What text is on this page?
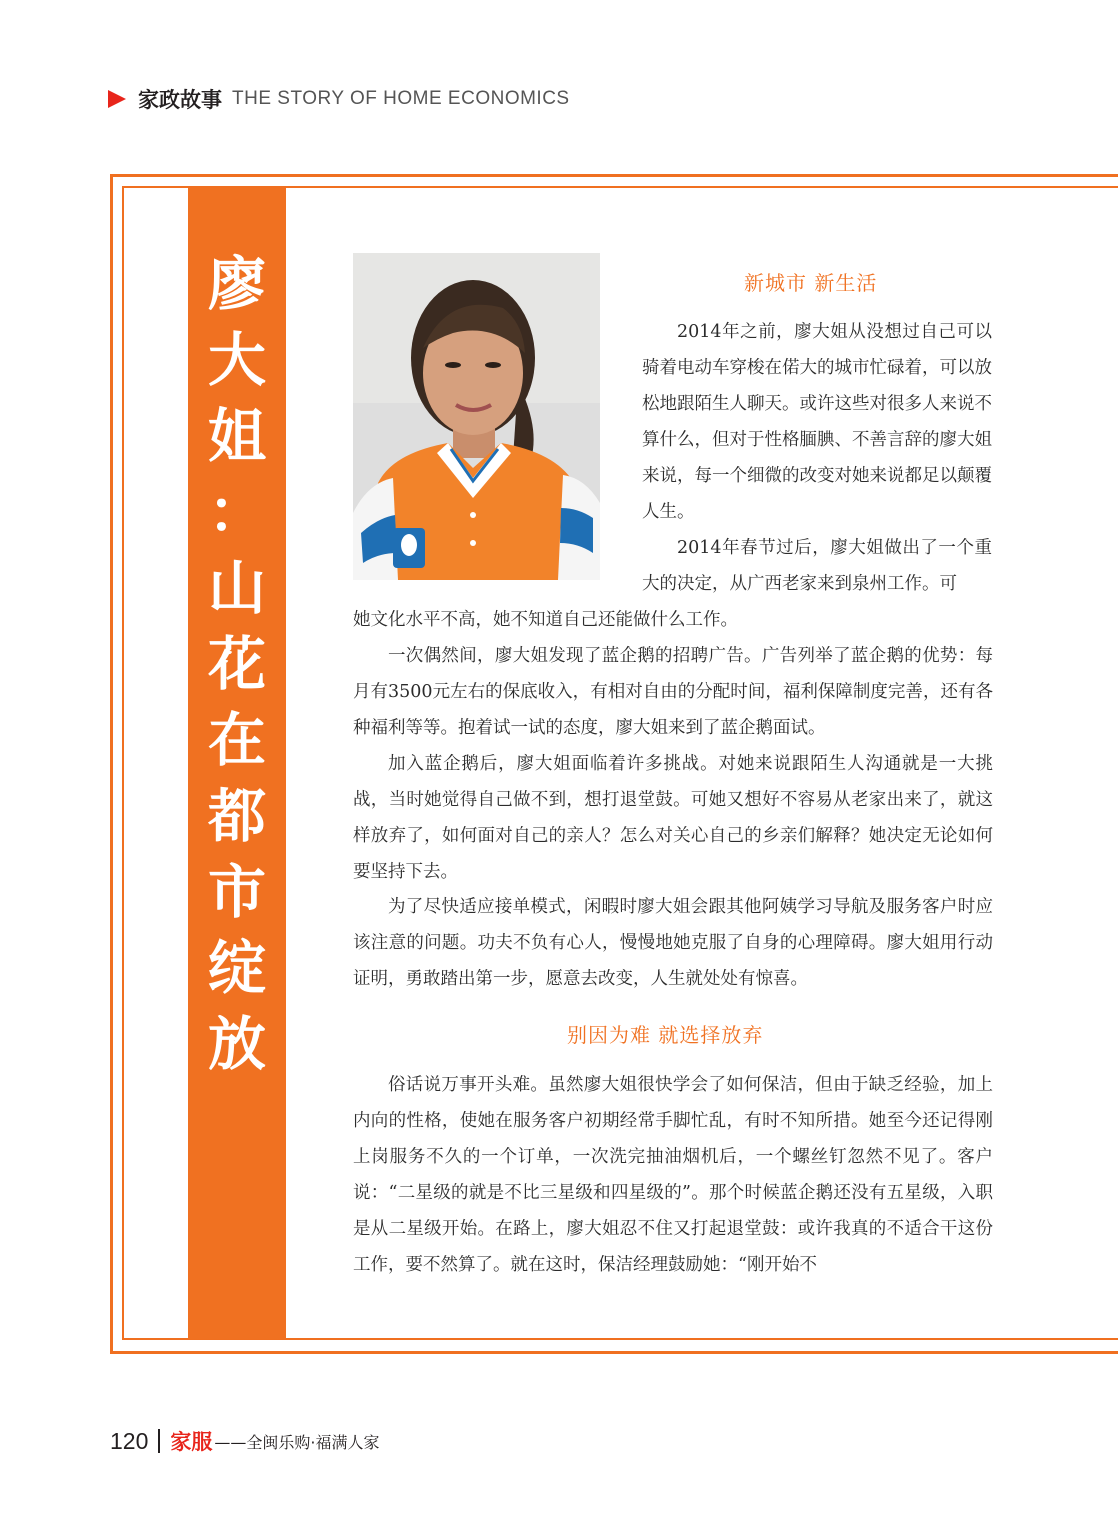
家政故事 THE STORY OF HOME ECONOMICS
廖
大
姐
：
山
花
在
都
市
绽
放
新城市 新生活

2014年之前，廖大姐从没想过自己可以骑着电动车穿梭在偌大的城市忙碌着，可以放松地跟陌生人聊天。或许这些对很多人来说不算什么，但对于性格腼腆、不善言辞的廖大姐来说，每一个细微的改变对她来说都足以颠覆人生。

2014年春节过后，廖大姐做出了一个重大的决定，从广西老家来到泉州工作。可

她文化水平不高，她不知道自己还能做什么工作。

一次偶然间，廖大姐发现了蓝企鹅的招聘广告。广告列举了蓝企鹅的优势：每月有3500元左右的保底收入，有相对自由的分配时间，福利保障制度完善，还有各种福利等等。抱着试一试的态度，廖大姐来到了蓝企鹅面试。

加入蓝企鹅后，廖大姐面临着许多挑战。对她来说跟陌生人沟通就是一大挑战，当时她觉得自己做不到，想打退堂鼓。可她又想好不容易从老家出来了，就这样放弃了，如何面对自己的亲人？怎么对关心自己的乡亲们解释？她决定无论如何要坚持下去。

为了尽快适应接单模式，闲暇时廖大姐会跟其他阿姨学习导航及服务客户时应该注意的问题。功夫不负有心人，慢慢地她克服了自身的心理障碍。廖大姐用行动证明，勇敢踏出第一步，愿意去改变，人生就处处有惊喜。

别因为难 就选择放弃

俗话说万事开头难。虽然廖大姐很快学会了如何保洁，但由于缺乏经验，加上内向的性格，使她在服务客户初期经常手脚忙乱，有时不知所措。她至今还记得刚上岗服务不久的一个订单，一次洗完抽油烟机后，一个螺丝钉忽然不见了。客户说：“二星级的就是不比三星级和四星级的”。那个时候蓝企鹅还没有五星级，入职是从二星级开始。在路上，廖大姐忍不住又打起退堂鼓：或许我真的不适合干这份工作，要不然算了。就在这时，保洁经理鼓励她：“刚开始不

120 家服 ——全闽乐购·福满人家
